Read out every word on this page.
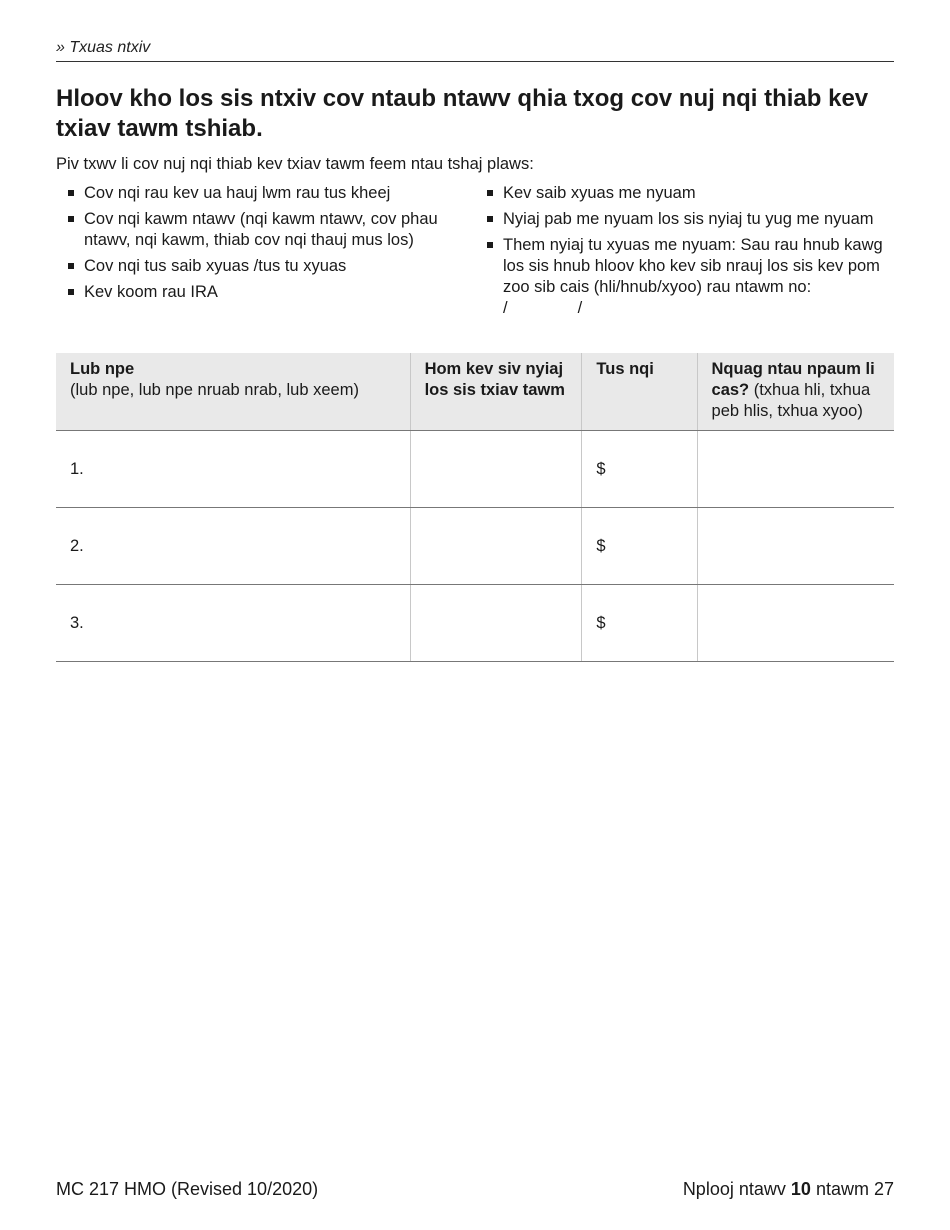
» Txuas ntxiv
Hloov kho los sis ntxiv cov ntaub ntawv qhia txog cov nuj nqi thiab kev txiav tawm tshiab.

Piv txwv li cov nuj nqi thiab kev txiav tawm feem ntau tshaj plaws:

Cov nqi rau kev ua hauj lwm rau tus kheej
Cov nqi kawm ntawv (nqi kawm ntawv, cov phau ntawv, nqi kawm, thiab cov nqi thauj mus los)
Cov nqi tus saib xyuas /tus tu xyuas
Kev koom rau IRA
Kev saib xyuas me nyuam
Nyiaj pab me nyuam los sis nyiaj tu yug me nyuam
Them nyiaj tu xyuas me nyuam: Sau rau hnub kawg los sis hnub hloov kho kev sib nrauj los sis kev pom zoo sib cais (hli/hnub/xyoo) rau ntawm no: /	/
Lub npe
(lub npe, lub npe nruab nrab, lub xeem)	Hom kev siv nyiaj los sis txiav tawm	Tus nqi	Nquag ntau npaum li cas? (txhua hli, txhua peb hlis, txhua xyoo)
1.		$	
2.		$	
3.		$	
MC 217 HMO (Revised 10/2020)	Nplooj ntawv 10 ntawm 27
